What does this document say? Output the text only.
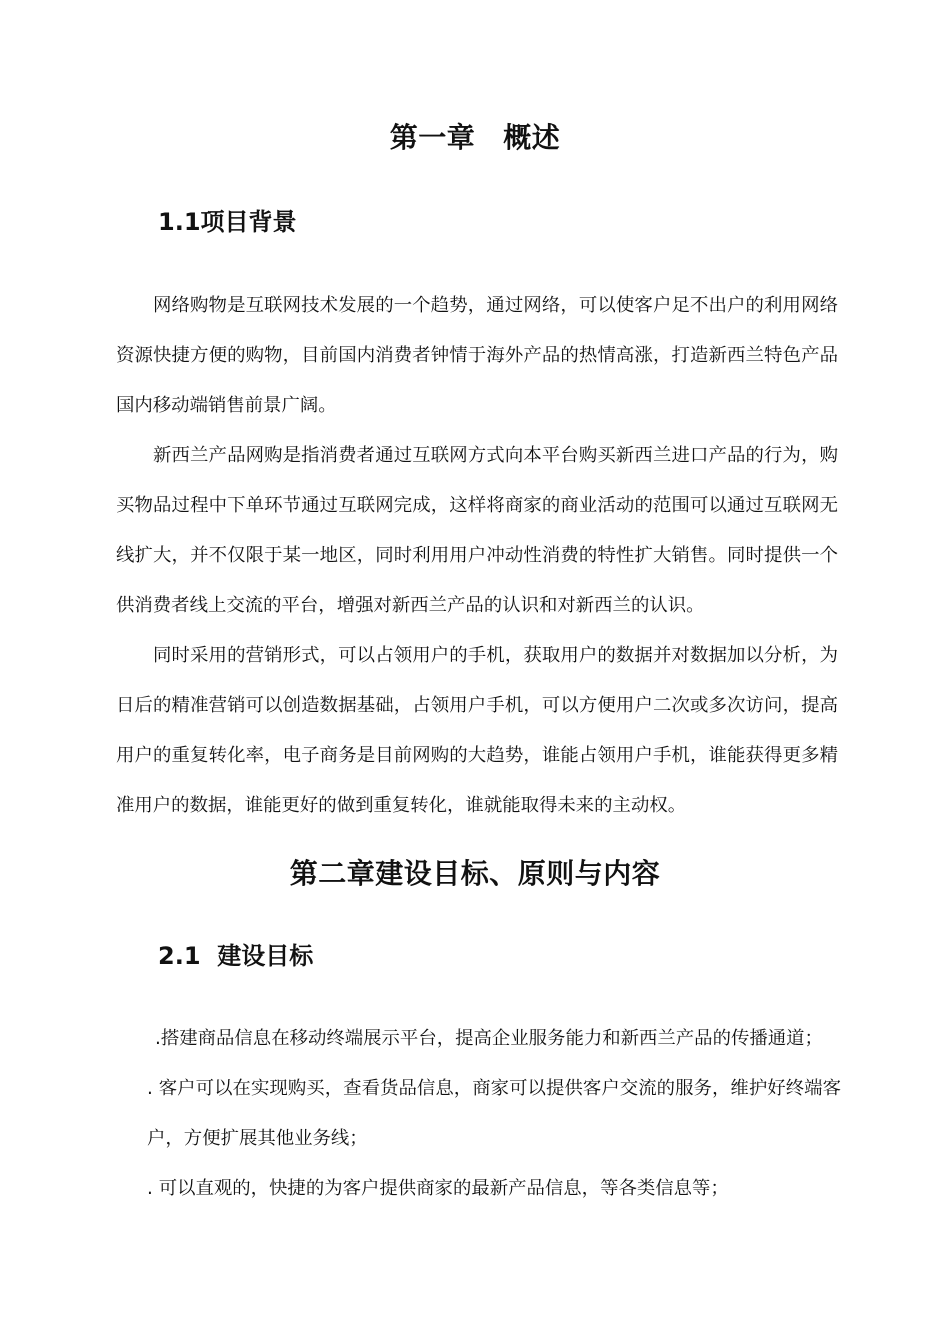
第一章 概述
1.1项目背景

网络购物是互联网技术发展的一个趋势，通过网络，可以使客户足不出户的利用网络资源快捷方便的购物，目前国内消费者钟情于海外产品的热情高涨，打造新西兰特色产品国内移动端销售前景广阔。

新西兰产品网购是指消费者通过互联网方式向本平台购买新西兰进口产品的行为，购买物品过程中下单环节通过互联网完成，这样将商家的商业活动的范围可以通过互联网无线扩大，并不仅限于某一地区，同时利用用户冲动性消费的特性扩大销售。同时提供一个供消费者线上交流的平台，增强对新西兰产品的认识和对新西兰的认识。

同时采用的营销形式，可以占领用户的手机，获取用户的数据并对数据加以分析，为日后的精准营销可以创造数据基础，占领用户手机，可以方便用户二次或多次访问，提高用户的重复转化率，电子商务是目前网购的大趋势，谁能占领用户手机，谁能获得更多精准用户的数据，谁能更好的做到重复转化，谁就能取得未来的主动权。

第二章建设目标、原则与内容
2.1  建设目标

.搭建商品信息在移动终端展示平台，提高企业服务能力和新西兰产品的传播通道；

. 客户可以在实现购买，查看货品信息，商家可以提供客户交流的服务，维护好终端客户，方便扩展其他业务线；

. 可以直观的，快捷的为客户提供商家的最新产品信息，等各类信息等；
